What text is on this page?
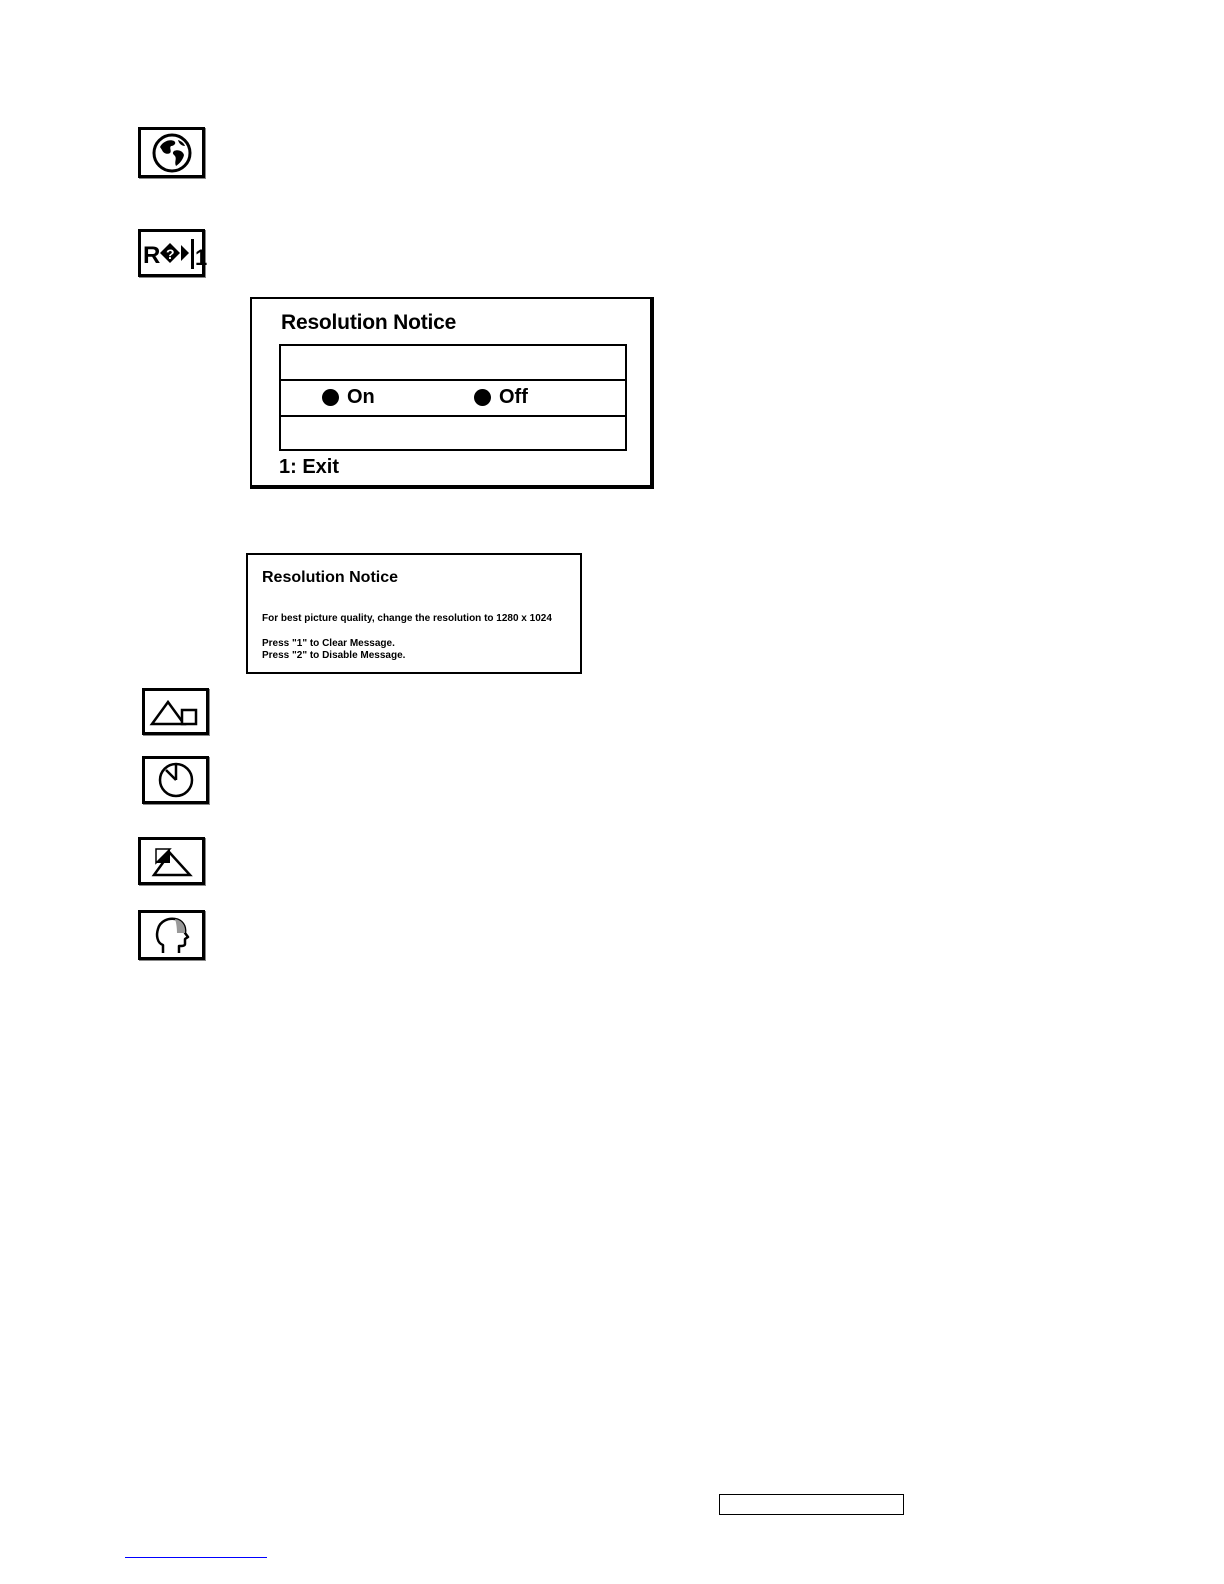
R ? 1
Resolution Notice
On	Off
1: Exit
Resolution Notice
For best picture quality, change the resolution to 1280 x 1024
Press "1" to Clear Message.
Press "2" to Disable Message.
